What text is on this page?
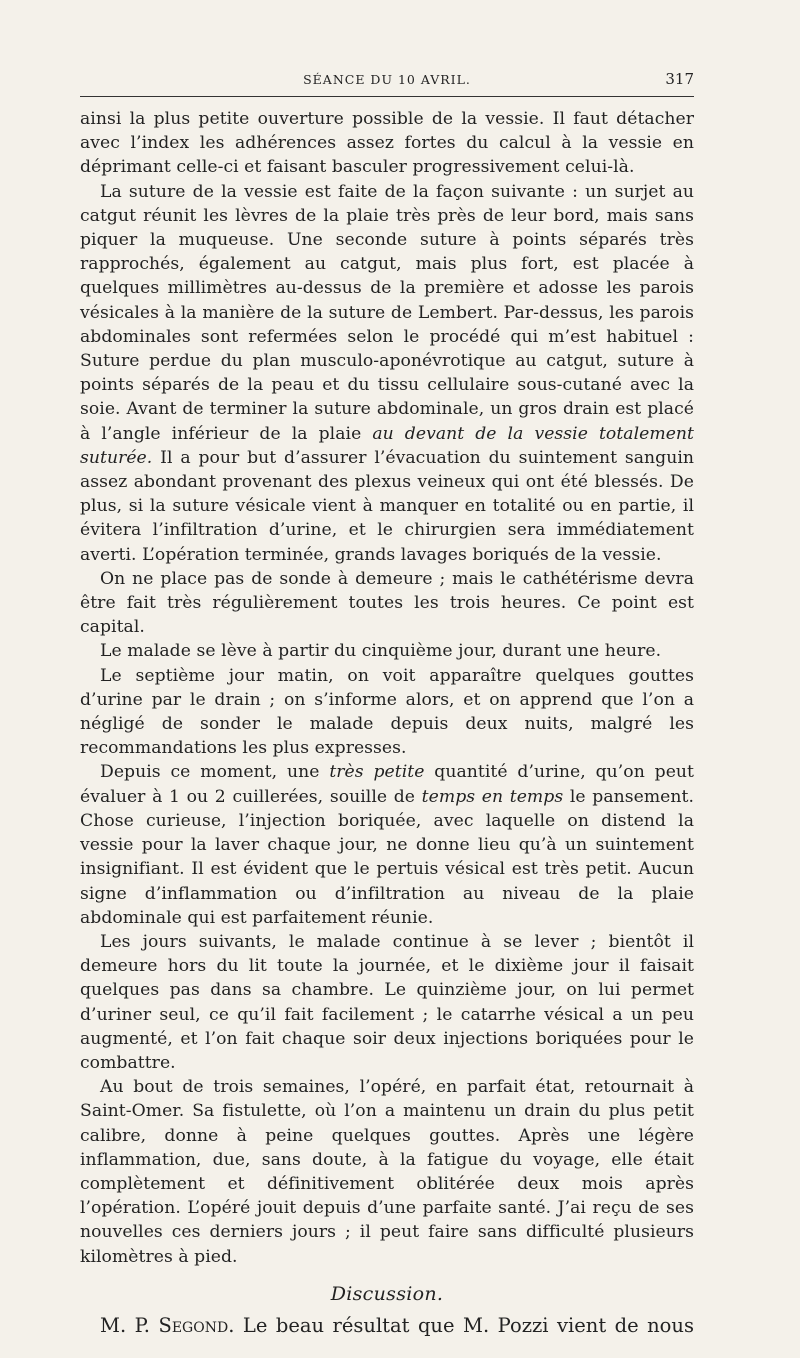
SÉANCE DU 10 AVRIL.	317

ainsi la plus petite ouverture possible de la vessie. Il faut détacher avec l’index les adhérences assez fortes du calcul à la vessie en déprimant celle-ci et faisant basculer progressivement celui-là.

La suture de la vessie est faite de la façon suivante : un surjet au catgut réunit les lèvres de la plaie très près de leur bord, mais sans piquer la muqueuse. Une seconde suture à points séparés très rapprochés, également au catgut, mais plus fort, est placée à quelques millimètres au-dessus de la première et adosse les parois vésicales à la manière de la suture de Lembert. Par-dessus, les parois abdominales sont refermées selon le procédé qui m’est habituel : Suture perdue du plan musculo-aponévrotique au catgut, suture à points séparés de la peau et du tissu cellulaire sous-cutané avec la soie. Avant de terminer la suture abdominale, un gros drain est placé à l’angle inférieur de la plaie au devant de la vessie totalement suturée. Il a pour but d’assurer l’évacuation du suintement sanguin assez abondant provenant des plexus veineux qui ont été blessés. De plus, si la suture vésicale vient à manquer en totalité ou en partie, il évitera l’infiltration d’urine, et le chirurgien sera immédiatement averti. L’opération terminée, grands lavages boriqués de la vessie.

On ne place pas de sonde à demeure ; mais le cathétérisme devra être fait très régulièrement toutes les trois heures. Ce point est capital.

Le malade se lève à partir du cinquième jour, durant une heure.

Le septième jour matin, on voit apparaître quelques gouttes d’urine par le drain ; on s’informe alors, et on apprend que l’on a négligé de sonder le malade depuis deux nuits, malgré les recommandations les plus expresses.

Depuis ce moment, une très petite quantité d’urine, qu’on peut évaluer à 1 ou 2 cuillerées, souille de temps en temps le pansement. Chose curieuse, l’injection boriquée, avec laquelle on distend la vessie pour la laver chaque jour, ne donne lieu qu’à un suintement insignifiant. Il est évident que le pertuis vésical est très petit. Aucun signe d’inflammation ou d’infiltration au niveau de la plaie abdominale qui est parfaitement réunie.

Les jours suivants, le malade continue à se lever ; bientôt il demeure hors du lit toute la journée, et le dixième jour il faisait quelques pas dans sa chambre. Le quinzième jour, on lui permet d’uriner seul, ce qu’il fait facilement ; le catarrhe vésical a un peu augmenté, et l’on fait chaque soir deux injections boriquées pour le combattre.

Au bout de trois semaines, l’opéré, en parfait état, retournait à Saint-Omer. Sa fistulette, où l’on a maintenu un drain du plus petit calibre, donne à peine quelques gouttes. Après une légère inflammation, due, sans doute, à la fatigue du voyage, elle était complètement et définitivement oblitérée deux mois après l’opération. L’opéré jouit depuis d’une parfaite santé. J’ai reçu de ses nouvelles ces derniers jours ; il peut faire sans difficulté plusieurs kilomètres à pied.

Discussion.

M. P. Segond. Le beau résultat que M. Pozzi vient de nous
